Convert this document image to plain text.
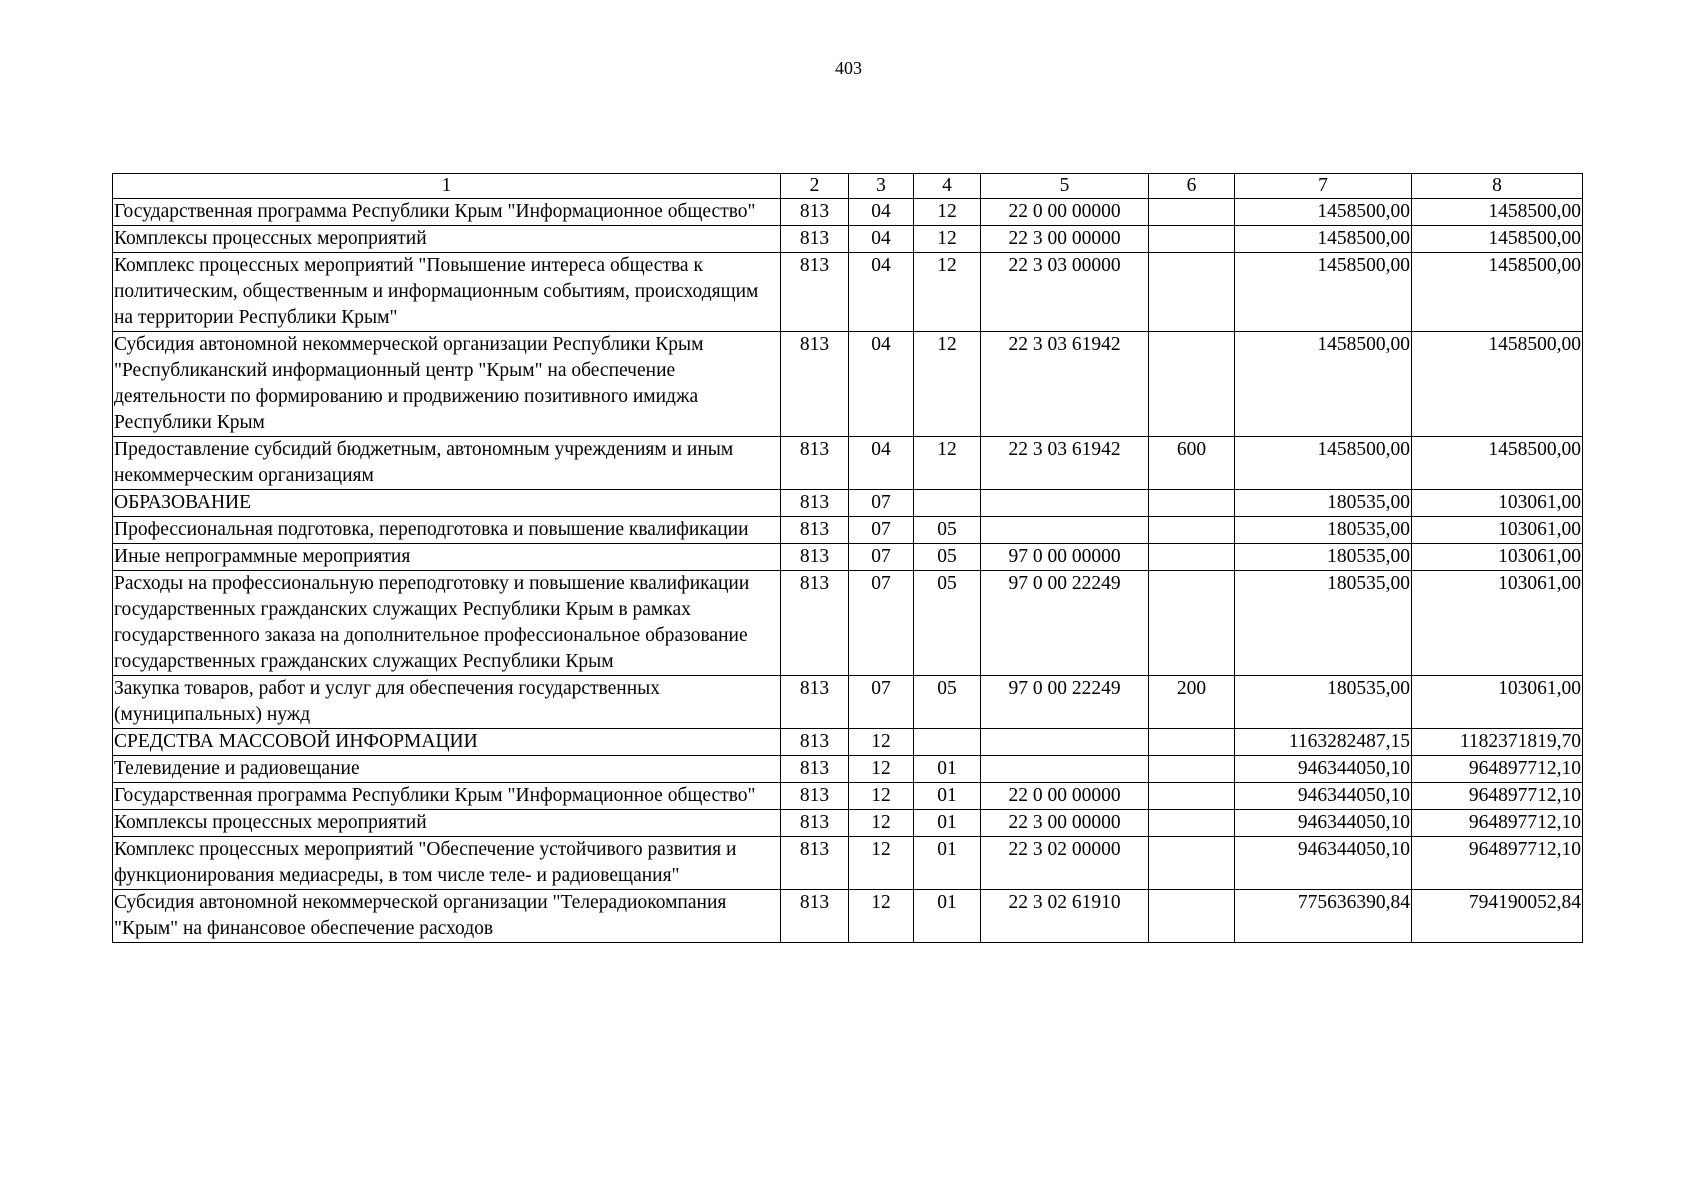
403
1	2	3	4	5	6	7	8
Государственная программа Республики Крым "Информационное общество"	813	04	12	22 0 00 00000		1458500,00	1458500,00
Комплексы процессных мероприятий	813	04	12	22 3 00 00000		1458500,00	1458500,00
Комплекс процессных мероприятий "Повышение интереса общества к политическим, общественным и информационным событиям, происходящим на территории Республики Крым"	813	04	12	22 3 03 00000		1458500,00	1458500,00
Субсидия автономной некоммерческой организации Республики Крым "Республиканский информационный центр "Крым" на обеспечение деятельности по формированию и продвижению позитивного имиджа Республики Крым	813	04	12	22 3 03 61942		1458500,00	1458500,00
Предоставление субсидий бюджетным, автономным учреждениям и иным некоммерческим организациям	813	04	12	22 3 03 61942	600	1458500,00	1458500,00
ОБРАЗОВАНИЕ	813	07				180535,00	103061,00
Профессиональная подготовка, переподготовка и повышение квалификации	813	07	05			180535,00	103061,00
Иные непрограммные мероприятия	813	07	05	97 0 00 00000		180535,00	103061,00
Расходы на профессиональную переподготовку и повышение квалификации государственных гражданских служащих Республики Крым в рамках государственного заказа на дополнительное профессиональное образование государственных гражданских служащих Республики Крым	813	07	05	97 0 00 22249		180535,00	103061,00
Закупка товаров, работ и услуг для обеспечения государственных (муниципальных) нужд	813	07	05	97 0 00 22249	200	180535,00	103061,00
СРЕДСТВА МАССОВОЙ ИНФОРМАЦИИ	813	12				1163282487,15	1182371819,70
Телевидение и радиовещание	813	12	01			946344050,10	964897712,10
Государственная программа Республики Крым "Информационное общество"	813	12	01	22 0 00 00000		946344050,10	964897712,10
Комплексы процессных мероприятий	813	12	01	22 3 00 00000		946344050,10	964897712,10
Комплекс процессных мероприятий "Обеспечение устойчивого развития и функционирования медиасреды, в том числе теле- и радиовещания"	813	12	01	22 3 02 00000		946344050,10	964897712,10
Субсидия автономной некоммерческой организации "Телерадиокомпания "Крым" на финансовое обеспечение расходов	813	12	01	22 3 02 61910		775636390,84	794190052,84
